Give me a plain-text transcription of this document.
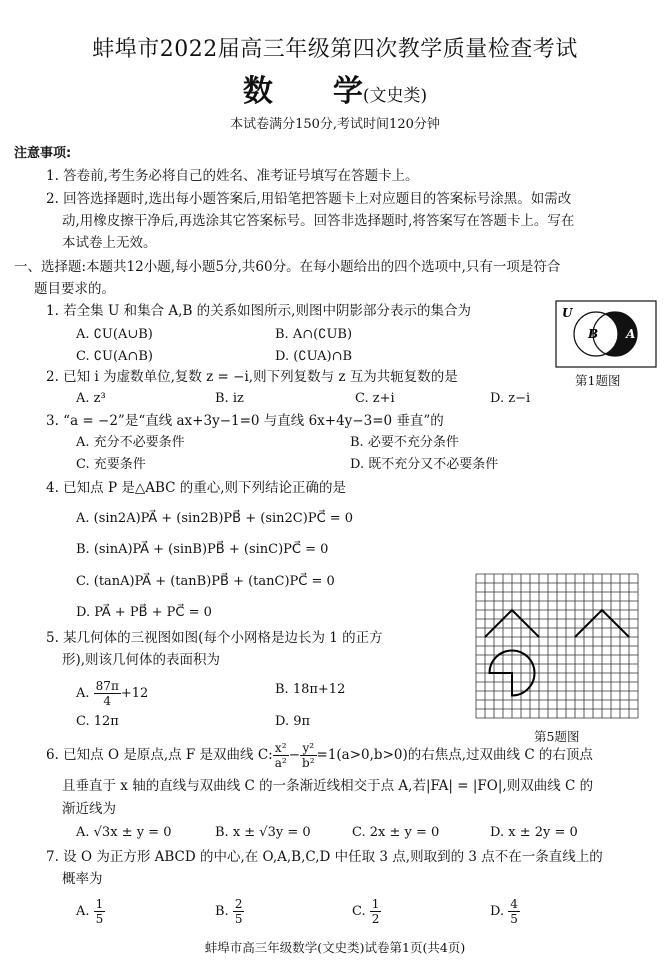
蚌埠市2022届高三年级第四次教学质量检查考试
数　　学(文史类)
本试卷满分150分,考试时间120分钟
注意事项:
1. 答卷前,考生务必将自己的姓名、准考证号填写在答题卡上。
2. 回答选择题时,选出每小题答案后,用铅笔把答题卡上对应题目的答案标号涂黑。如需改
动,用橡皮擦干净后,再选涂其它答案标号。回答非选择题时,将答案写在答题卡上。写在
本试卷上无效。
一、选择题:本题共12小题,每小题5分,共60分。在每小题给出的四个选项中,只有一项是符合
题目要求的。
1. 若全集 U 和集合 A,B 的关系如图所示,则图中阴影部分表示的集合为
A. ∁U(A∪B)	B. A∩(∁UB)
C. ∁U(A∩B)	D. (∁UA)∩B
U
B A
第1题图
2. 已知 i 为虚数单位,复数 z = −i,则下列复数与 z 互为共轭复数的是
A. z³	B. iz	C. z+i	D. z−i
3. “a = −2”是“直线 ax+3y−1=0 与直线 6x+4y−3=0 垂直”的
A. 充分不必要条件	B. 必要不充分条件
C. 充要条件	D. 既不充分又不必要条件
4. 已知点 P 是△ABC 的重心,则下列结论正确的是
A. (sin2A)PA⃗ + (sin2B)PB⃗ + (sin2C)PC⃗ = 0
B. (sinA)PA⃗ + (sinB)PB⃗ + (sinC)PC⃗ = 0
C. (tanA)PA⃗ + (tanB)PB⃗ + (tanC)PC⃗ = 0
D. PA⃗ + PB⃗ + PC⃗ = 0
5. 某几何体的三视图如图(每个小网格是边长为 1 的正方
形),则该几何体的表面积为
A. $\frac{87\pi}{4} +12$	B. 18π+12
C. 12π	D. 9π
第5题图
6. 已知点 O 是原点,点 F 是双曲线 C: $\frac{\text{x²}}{\text{a²}} - \frac{\text{y²}}{\text{b²}} =1(a>0,b>0)$的右焦点,过双曲线 C 的右顶点
且垂直于 x 轴的直线与双曲线 C 的一条渐近线相交于点 A,若|FA| = |FO|,则双曲线 C 的
渐近线为
A. √3x ± y = 0	B. x ± √3y = 0	C. 2x ± y = 0	D. x ± 2y = 0
7. 设 O 为正方形 ABCD 的中心,在 O,A,B,C,D 中任取 3 点,则取到的 3 点不在一条直线上的
概率为
A. $\frac{1}{5}$	B. $\frac{2}{5}$	C. $\frac{1}{2}$	D. $\frac{4}{5}$
蚌埠市高三年级数学(文史类)试卷第1页(共4页)
